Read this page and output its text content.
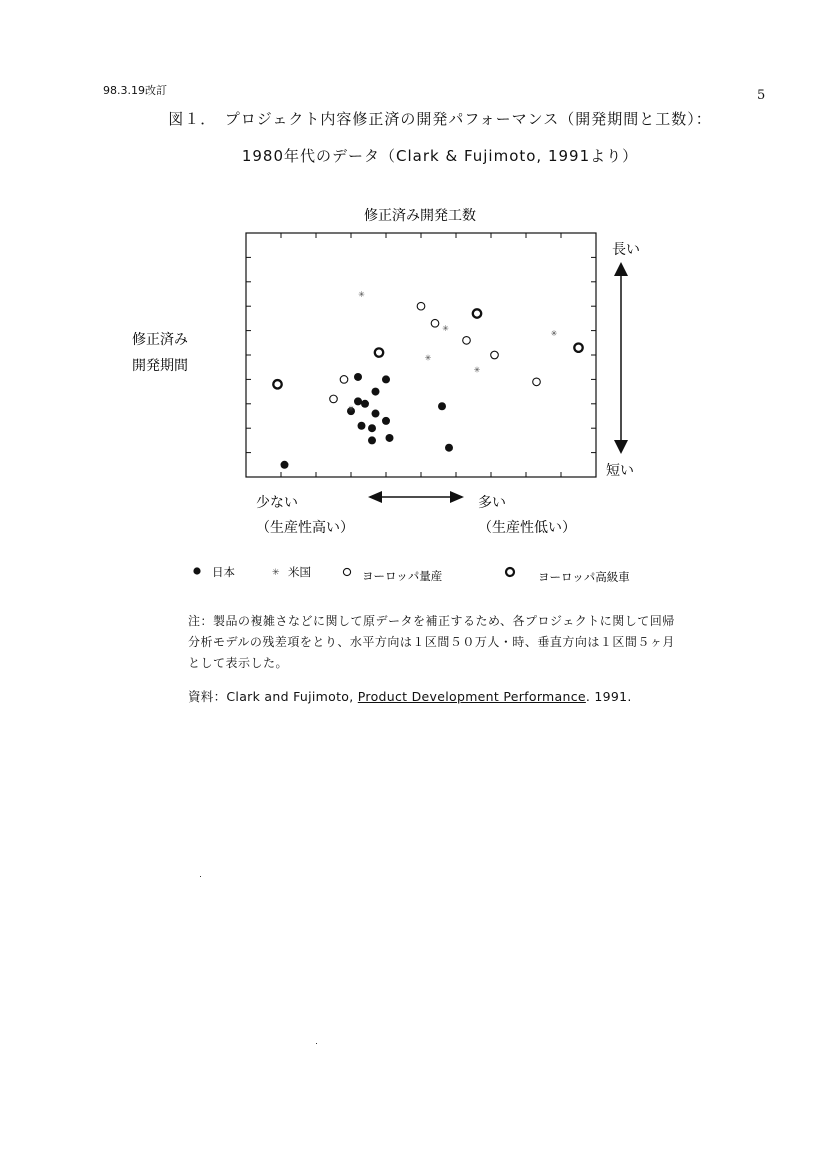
98.3.19改訂	5
図１．　プロジェクト内容修正済の開発パフォーマンス（開発期間と工数）：
1980年代のデータ（Clark & Fujimoto, 1991より）
修正済み開発工数
修正済み
開発期間
長い
短い
少ない
（生産性高い）
多い
（生産性低い）
✳
✳
✳
✳
✳
✳
日本	✳ 米国	ヨーロッパ量産	ヨーロッパ高級車
注：製品の複雑さなどに関して原データを補正するため、各プロジェクトに関して回帰
分析モデルの残差項をとり、水平方向は１区間５０万人・時、垂直方向は１区間５ヶ月
として表示した。
資料：Clark and Fujimoto, Product Development Performance. 1991.
